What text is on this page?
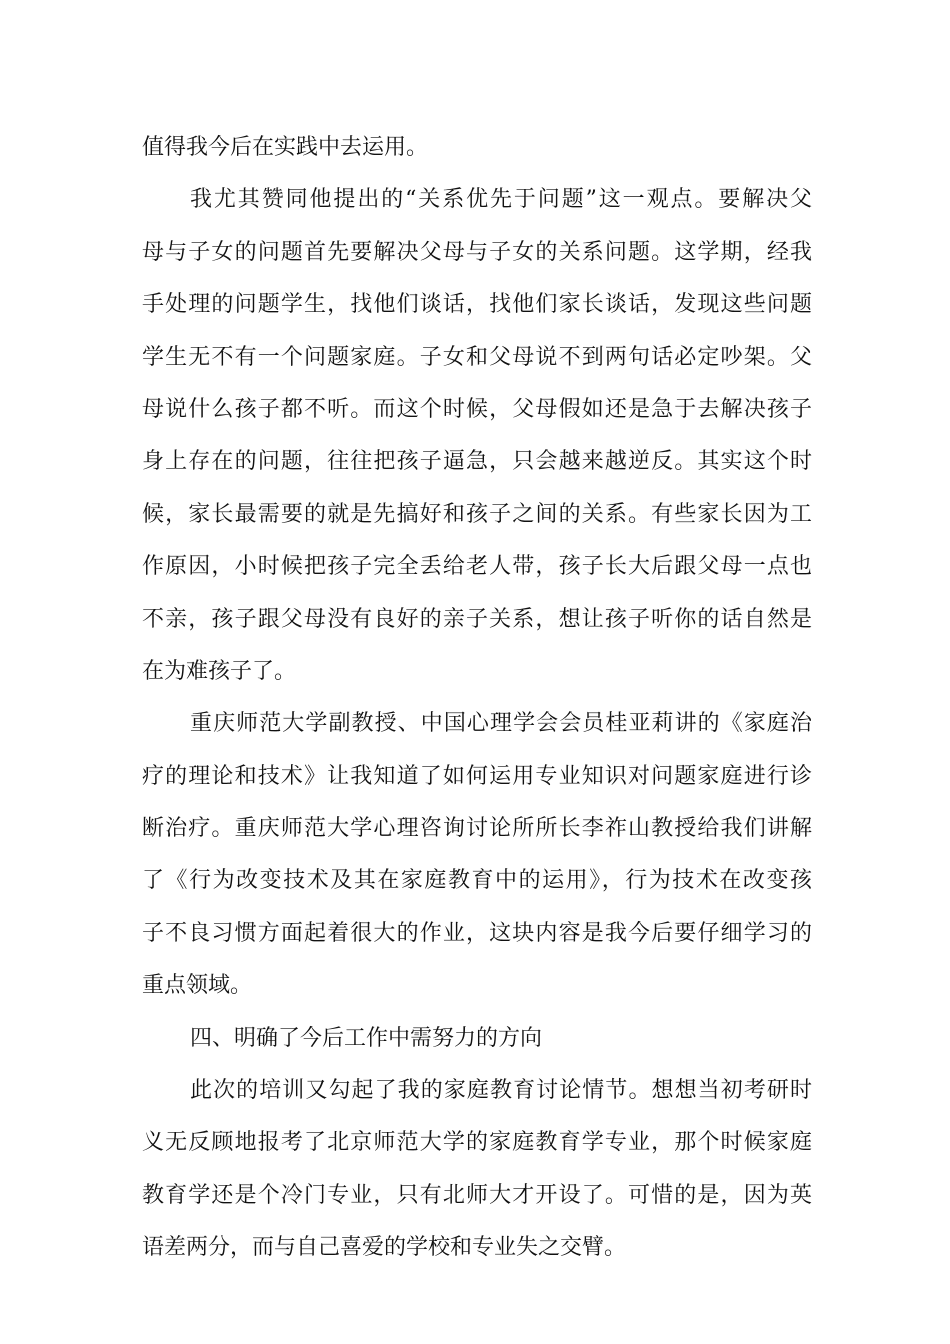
值得我今后在实践中去运用。
我尤其赞同他提出的“关系优先于问题”这一观点。要解决父
母与子女的问题首先要解决父母与子女的关系问题。这学期，经我
手处理的问题学生，找他们谈话，找他们家长谈话，发现这些问题
学生无不有一个问题家庭。子女和父母说不到两句话必定吵架。父
母说什么孩子都不听。而这个时候，父母假如还是急于去解决孩子
身上存在的问题，往往把孩子逼急，只会越来越逆反。其实这个时
候，家长最需要的就是先搞好和孩子之间的关系。有些家长因为工
作原因，小时候把孩子完全丢给老人带，孩子长大后跟父母一点也
不亲，孩子跟父母没有良好的亲子关系，想让孩子听你的话自然是
在为难孩子了。
重庆师范大学副教授、中国心理学会会员桂亚莉讲的《家庭治
疗的理论和技术》让我知道了如何运用专业知识对问题家庭进行诊
断治疗。重庆师范大学心理咨询讨论所所长李祚山教授给我们讲解
了《行为改变技术及其在家庭教育中的运用》，行为技术在改变孩
子不良习惯方面起着很大的作业，这块内容是我今后要仔细学习的
重点领域。
四、明确了今后工作中需努力的方向
此次的培训又勾起了我的家庭教育讨论情节。想想当初考研时
义无反顾地报考了北京师范大学的家庭教育学专业，那个时候家庭
教育学还是个冷门专业，只有北师大才开设了。可惜的是，因为英
语差两分，而与自己喜爱的学校和专业失之交臂。
